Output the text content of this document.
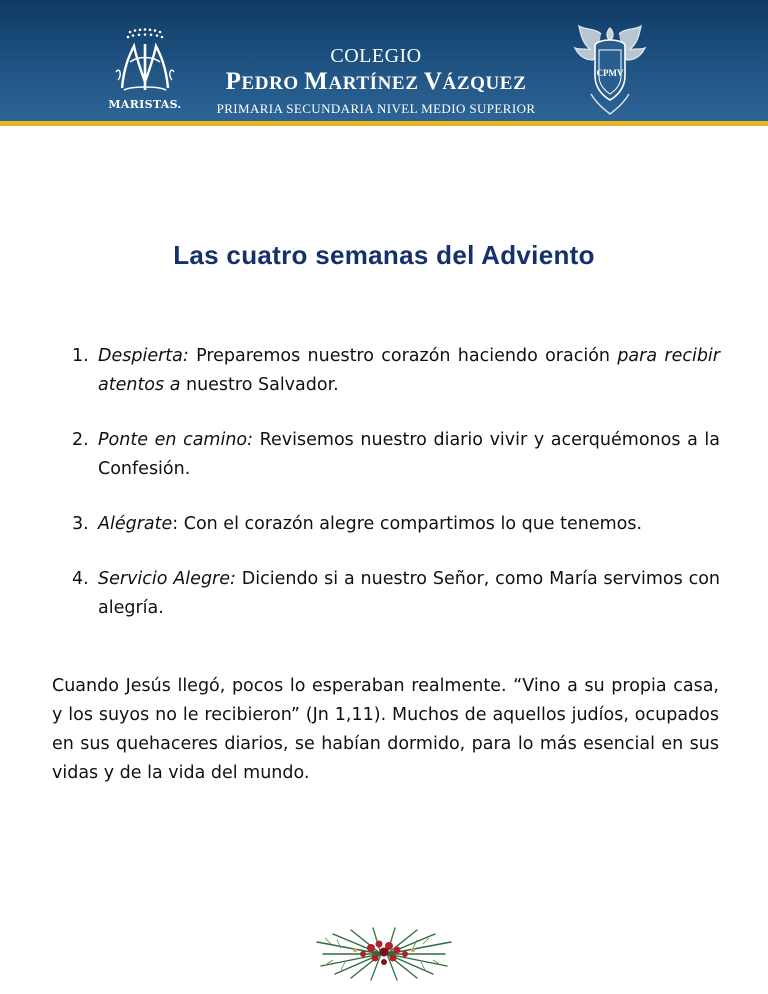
MARISTAS.
COLEGIO
PEDRO MARTÍNEZ VÁZQUEZ
PRIMARIA SECUNDARIA NIVEL MEDIO SUPERIOR
CPMV
Las cuatro semanas del Adviento
1. Despierta: Preparemos nuestro corazón haciendo oración para recibir atentos a nuestro Salvador.
2. Ponte en camino: Revisemos nuestro diario vivir y acerquémonos a la Confesión.
3. Alégrate: Con el corazón alegre compartimos lo que tenemos.
4. Servicio Alegre: Diciendo si a nuestro Señor, como María servimos con alegría.

Cuando Jesús llegó, pocos lo esperaban realmente. “Vino a su propia casa, y los suyos no le recibieron” (Jn 1,11). Muchos de aquellos judíos, ocupados en sus quehaceres diarios, se habían dormido, para lo más esencial en sus vidas y de la vida del mundo.
